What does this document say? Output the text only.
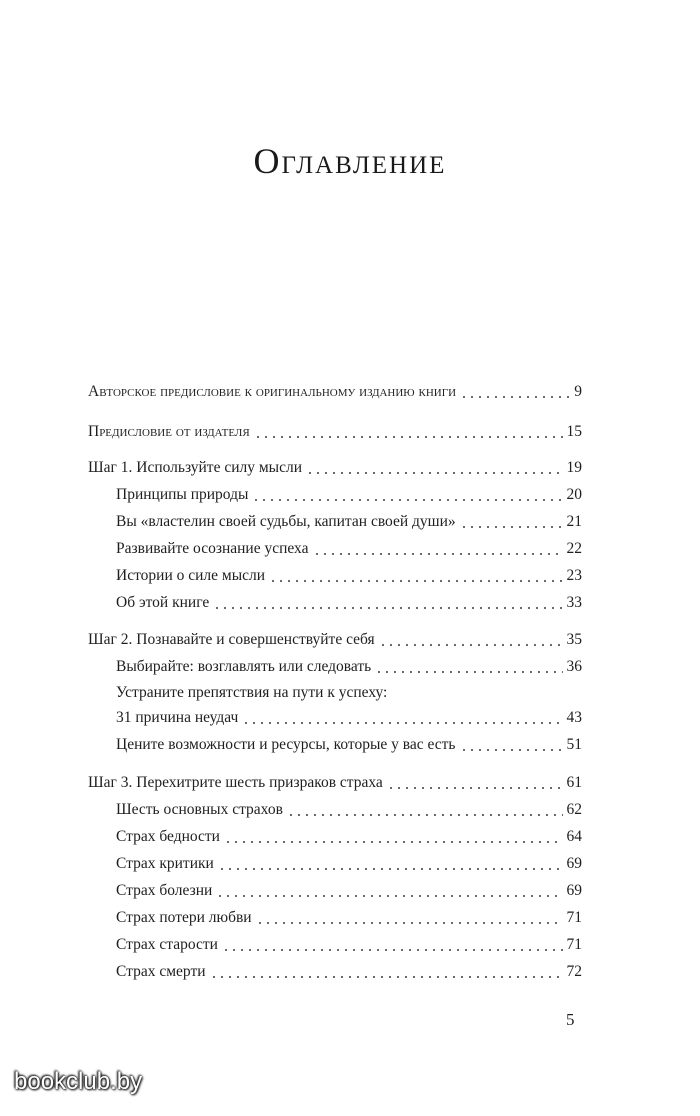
Оглавление
Авторское предисловие к оригинальному изданию книги	9
Предисловие от издателя	15
Шаг 1. Используйте силу мысли	19
Принципы природы	20
Вы «властелин своей судьбы, капитан своей души»	21
Развивайте осознание успеха	22
Истории о силе мысли	23
Об этой книге	33
Шаг 2. Познавайте и совершенствуйте себя	35
Выбирайте: возглавлять или следовать	36
Устраните препятствия на пути к успеху:
31 причина неудач	43
Цените возможности и ресурсы, которые у вас есть	51
Шаг 3. Перехитрите шесть призраков страха	61
Шесть основных страхов	62
Страх бедности	64
Страх критики	69
Страх болезни	69
Страх потери любви	71
Страх старости	71
Страх смерти	72
5
bookclub.by
